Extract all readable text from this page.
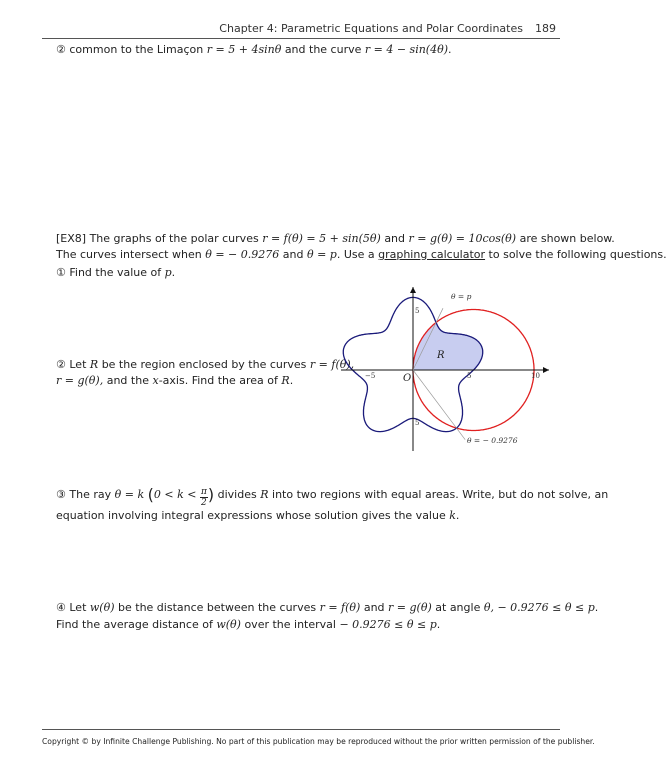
Chapter 4: Parametric Equations and Polar Coordinates 189
② common to the Limaçon r = 5 + 4sinθ and the curve r = 4 − sin(4θ).
[EX8] The graphs of the polar curves r = f(θ) = 5 + sin(5θ) and r = g(θ) = 10cos(θ) are shown below.
The curves intersect when θ = − 0.9276 and θ = p. Use a graphing calculator to solve the following questions.
① Find the value of p.
② Let R be the region enclosed by the curves r = f(θ),
r = g(θ), and the x-axis. Find the area of R.
θ = p
θ = − 0.9276
R
O
−5	5	10
5
5
③ The ray θ = k ($0 < k < \frac{\pi}{2}$ ) divides R into two regions with equal areas. Write, but do not solve, an
equation involving integral expressions whose solution gives the value k.
④ Let w(θ) be the distance between the curves r = f(θ) and r = g(θ) at angle θ, − 0.9276 ≤ θ ≤ p.
Find the average distance of w(θ) over the interval − 0.9276 ≤ θ ≤ p.
Copyright © by Infinite Challenge Publishing. No part of this publication may be reproduced without the prior written permission of the publisher.
